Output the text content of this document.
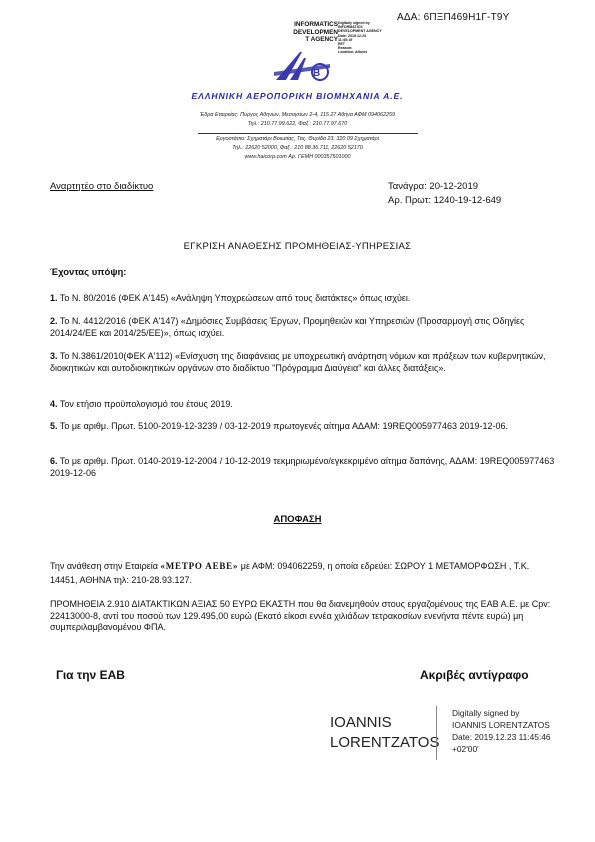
ΑΔΑ: 6ΠΞΠ469Η1Γ-Τ9Υ
INFORMATICS
DEVELOPMEN
T AGENCY
Digitally signed by
INFORMATICS
DEVELOPMENT AGENCY
Date: 2019.12.23
11:45:19
EET
Reason:
Location: Athens
B
ΕΛΛΗΝΙΚΗ ΑΕΡΟΠΟΡΙΚΗ ΒΙΟΜΗΧΑΝΙΑ Α.Ε.
Έδρα Εταιρείας: Πύργος Αθηνών, Μεσογείων 2-4, 115 27 Αθήνα ΑΦΜ 094062259
Τηλ.: 210.77.99.622, Φαξ.: 210.77.97.670
Εργοστάσιο: Σχηματάρι Βοιωτίας, Τας. Θυρίδα 23, 320 09 Σχηματάρι
Τηλ.: 22620 52000, Φαξ.: 210 88.36.711, 22620 52170
www.haicorp.com Αρ. ΓΕΜΗ 000357501000
Αναρτητέο στο διαδίκτυο	Τανάγρα: 20-12-2019
Αρ. Πρωτ: 1240-19-12-649
ΕΓΚΡΙΣΗ ΑΝΑΘΕΣΗΣ ΠΡΟΜΗΘΕΙΑΣ-ΥΠΗΡΕΣΙΑΣ
Έχοντας υπόψη:
1. Το Ν. 80/2016 (ΦΕΚ Α'145) «Ανάληψη Υποχρεώσεων από τους διατάκτες» όπως ισχύει.
2. Το Ν. 4412/2016 (ΦΕΚ Α'147) «Δημόσιες Συμβάσεις Έργων, Προμηθειών και Υπηρεσιών (Προσαρμογή στις Οδηγίες 2014/24/ΕΕ και 2014/25/ΕΕ)», όπως ισχύει.
3. Το Ν.3861/2010(ΦΕΚ Α'112) «Ενίσχυση της διαφάνειας με υποχρεωτική ανάρτηση νόμων και πράξεων των κυβερνητικών, διοικητικών και αυτοδιοικητικών οργάνων στο διαδίκτυο "Πρόγραμμα Διαύγεια" και άλλες διατάξεις».
4. Τον ετήσιο προϋπολογισμό του έτους 2019.
5. Το με αριθμ. Πρωτ. 5100-2019-12-3239 / 03-12-2019 πρωτογενές αίτημα ΑΔΑΜ: 19REQ005977463 2019-12-06.
6. Το με αριθμ. Πρωτ. 0140-2019-12-2004 / 10-12-2019 τεκμηριωμένο/εγκεκριμένο αίτημα δαπάνης, ΑΔΑΜ: 19REQ005977463 2019-12-06
ΑΠΟΦΑΣΗ
Την ανάθεση στην Εταιρεία «ΜΕΤΡΟ ΑΕΒΕ» με ΑΦΜ: 094062259, η οποία εδρεύει: ΣΩΡΟΥ 1 ΜΕΤΑΜΟΡΦΩΣΗ , Τ.Κ. 14451, ΑΘΗΝΑ τηλ: 210-28.93.127.
ΠΡΟΜΗΘΕΙΑ 2.910 ΔΙΑΤΑΚΤΙΚΩΝ ΑΞΙΑΣ 50 ΕΥΡΩ ΕΚΑΣΤΗ που θα διανεμηθούν στους εργαζομένους της ΕΑΒ Α.Ε. με Cpv: 22413000-8, αντί του ποσού των 129.495,00 ευρώ (Εκατό είκοσι εννέα χιλιάδων τετρακοσίων ενενήντα πέντε ευρώ) μη συμπεριλαμβανομένου ΦΠΑ.
Για την ΕΑΒ	Ακριβές αντίγραφο
IOANNIS
LORENTZATOS
Digitally signed by
IOANNIS LORENTZATOS
Date: 2019.12.23 11:45:46
+02'00'
